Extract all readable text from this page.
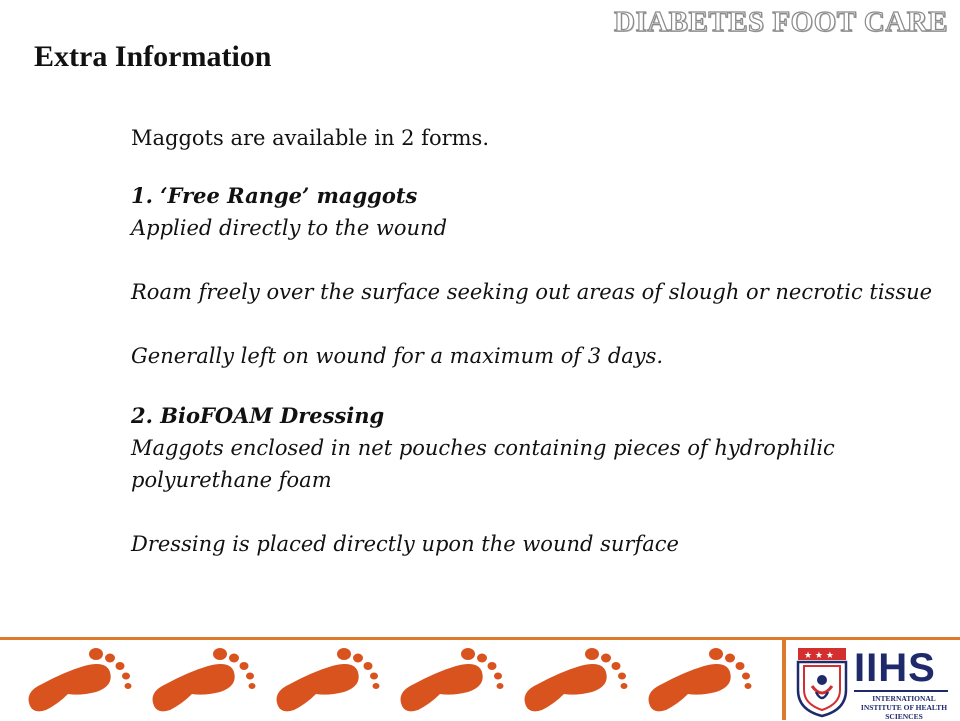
DIABETES FOOT CARE
Extra Information

Maggots are available in 2 forms.

1. ‘Free Range’ maggots

Applied directly to the wound

Roam freely over the surface seeking out areas of slough or necrotic tissue

Generally left on wound for a maximum of 3 days.

2. BioFOAM Dressing

Maggots enclosed in net pouches containing pieces of hydrophilic polyurethane foam

Dressing is placed directly upon the wound surface

★ ★ ★ IIHS
INTERNATIONAL INSTITUTE OF HEALTH SCIENCES
